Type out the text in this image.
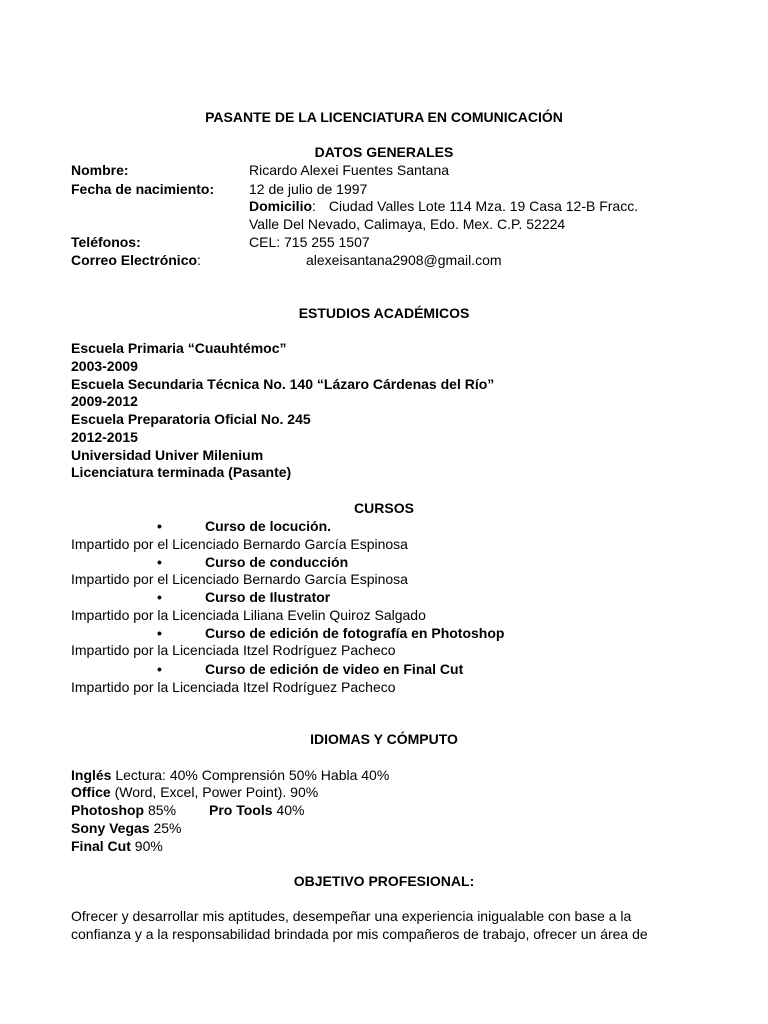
PASANTE DE LA LICENCIATURA EN COMUNICACIÓN
DATOS GENERALES
Nombre:	Ricardo Alexei Fuentes Santana
Fecha de nacimiento: 12 de julio de 1997
Domicilio: Ciudad Valles Lote 114 Mza. 19 Casa 12-B Fracc.
Valle Del Nevado, Calimaya, Edo. Mex. C.P. 52224
Teléfonos:	CEL: 715 255 1507
Correo Electrónico:	alexeisantana2908@gmail.com
ESTUDIOS ACADÉMICOS
Escuela Primaria “Cuauhtémoc”
2003-2009
Escuela Secundaria Técnica No. 140 “Lázaro Cárdenas del Río”
2009-2012
Escuela Preparatoria Oficial No. 245
2012-2015
Universidad Univer Milenium
Licenciatura terminada (Pasante)
CURSOS
•	Curso de locución.
Impartido por el Licenciado Bernardo García Espinosa
•	Curso de conducción
Impartido por el Licenciado Bernardo García Espinosa
•	Curso de Ilustrator
Impartido por la Licenciada Liliana Evelin Quiroz Salgado
•	Curso de edición de fotografía en Photoshop
Impartido por la Licenciada Itzel Rodríguez Pacheco
•	Curso de edición de video en Final Cut
Impartido por la Licenciada Itzel Rodríguez Pacheco
IDIOMAS Y CÓMPUTO
Inglés Lectura: 40% Comprensión 50% Habla 40%
Office (Word, Excel, Power Point). 90%
Photoshop 85% Pro Tools 40%
Sony Vegas 25%
Final Cut 90%
OBJETIVO PROFESIONAL:
Ofrecer y desarrollar mis aptitudes, desempeñar una experiencia inigualable con base a la
confianza y a la responsabilidad brindada por mis compañeros de trabajo, ofrecer un área de
